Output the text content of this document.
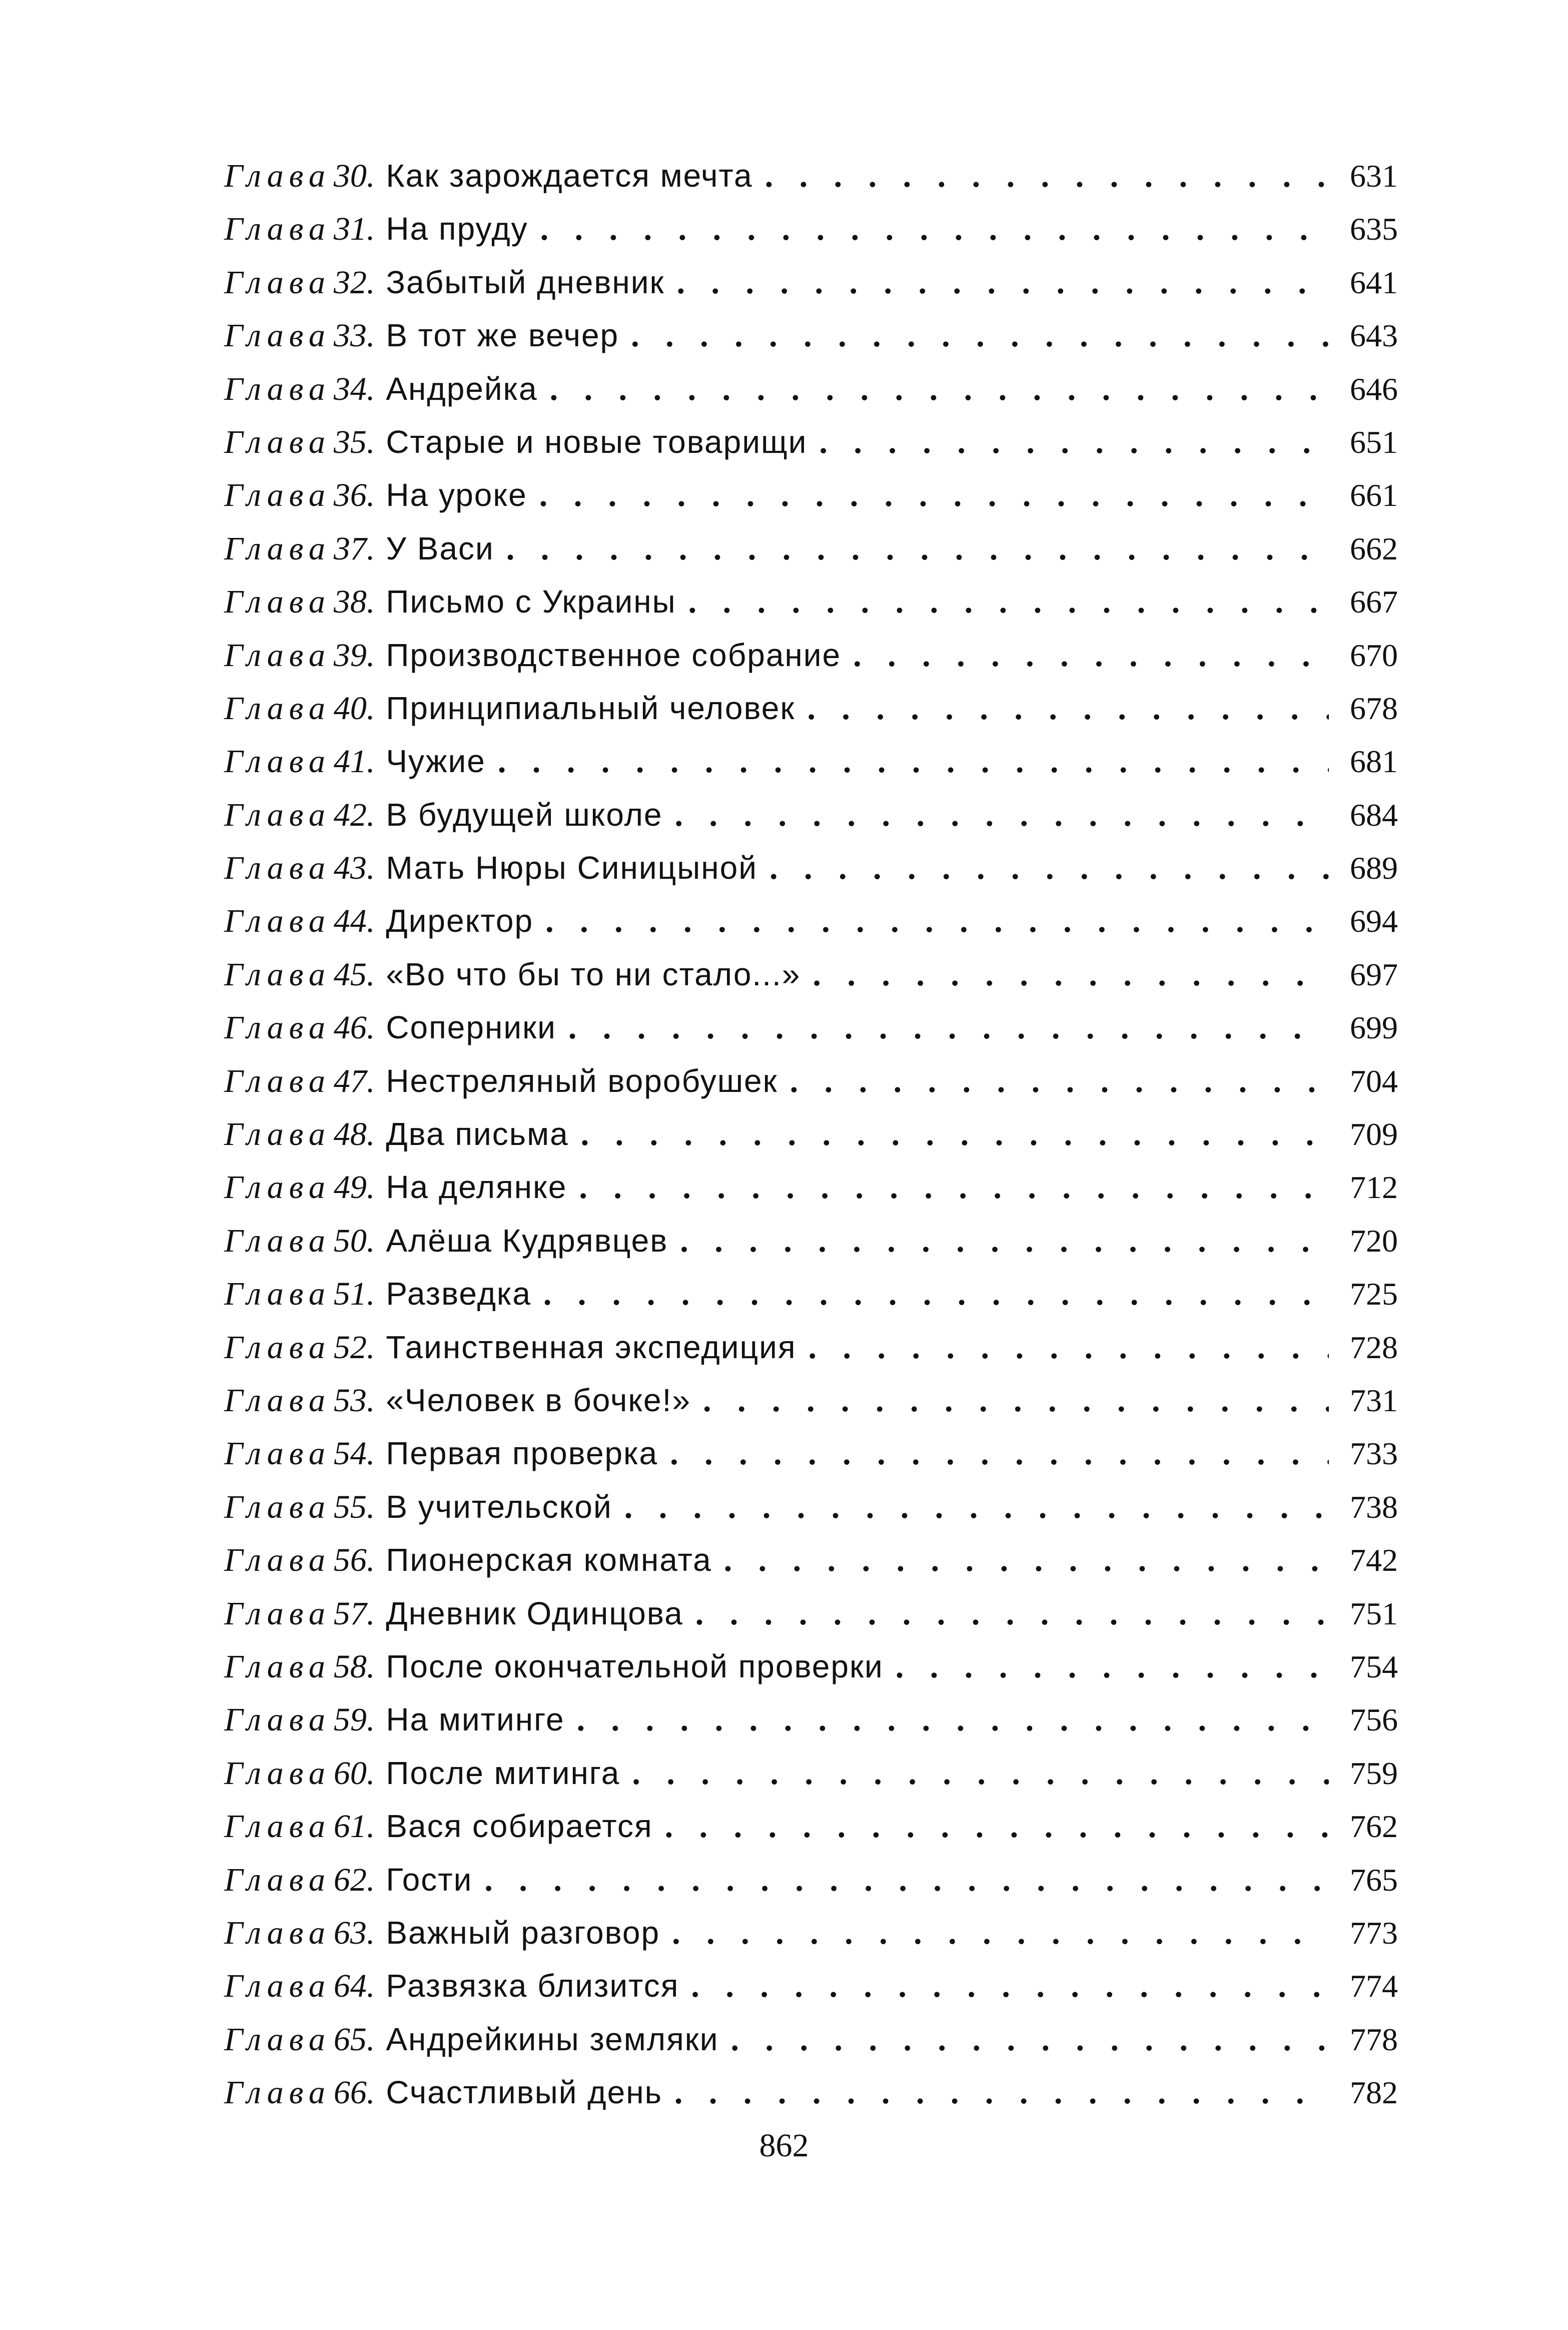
Глава 30. Как зарождается мечта . . .	631
Глава 31. На пруду . . .	635
Глава 32. Забытый дневник . . .	641
Глава 33. В тот же вечер . . .	643
Глава 34. Андрейка . . .	646
Глава 35. Старые и новые товарищи . . .	651
Глава 36. На уроке . . .	661
Глава 37. У Васи . . .	662
Глава 38. Письмо с Украины . . .	667
Глава 39. Производственное собрание . . .	670
Глава 40. Принципиальный человек . . .	678
Глава 41. Чужие . . .	681
Глава 42. В будущей школе . . .	684
Глава 43. Мать Нюры Синицыной . . .	689
Глава 44. Директор . . .	694
Глава 45. «Во что бы то ни стало...» . . .	697
Глава 46. Соперники . . .	699
Глава 47. Нестреляный воробушек . . .	704
Глава 48. Два письма . . .	709
Глава 49. На делянке . . .	712
Глава 50. Алёша Кудрявцев . . .	720
Глава 51. Разведка . . .	725
Глава 52. Таинственная экспедиция . . .	728
Глава 53. «Человек в бочке!» . . .	731
Глава 54. Первая проверка . . .	733
Глава 55. В учительской . . .	738
Глава 56. Пионерская комната . . .	742
Глава 57. Дневник Одинцова . . .	751
Глава 58. После окончательной проверки . . .	754
Глава 59. На митинге . . .	756
Глава 60. После митинга . . .	759
Глава 61. Вася собирается . . .	762
Глава 62. Гости . . .	765
Глава 63. Важный разговор . . .	773
Глава 64. Развязка близится . . .	774
Глава 65. Андрейкины земляки . . .	778
Глава 66. Счастливый день . . .	782
862
